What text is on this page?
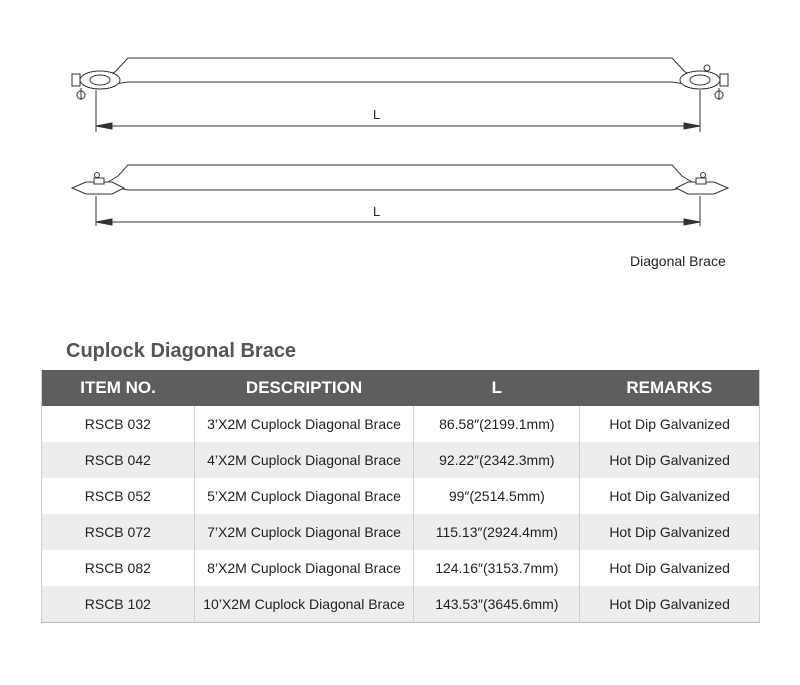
L
L
Diagonal Brace
Cuplock Diagonal Brace
ITEM NO.	DESCRIPTION	L	REMARKS
RSCB 032	3’X2M Cuplock Diagonal Brace	86.58″(2199.1mm)	Hot Dip Galvanized
RSCB 042	4’X2M Cuplock Diagonal Brace	92.22″(2342.3mm)	Hot Dip Galvanized
RSCB 052	5’X2M Cuplock Diagonal Brace	99″(2514.5mm)	Hot Dip Galvanized
RSCB 072	7’X2M Cuplock Diagonal Brace	115.13″(2924.4mm)	Hot Dip Galvanized
RSCB 082	8’X2M Cuplock Diagonal Brace	124.16″(3153.7mm)	Hot Dip Galvanized
RSCB 102	10’X2M Cuplock Diagonal Brace	143.53″(3645.6mm)	Hot Dip Galvanized
